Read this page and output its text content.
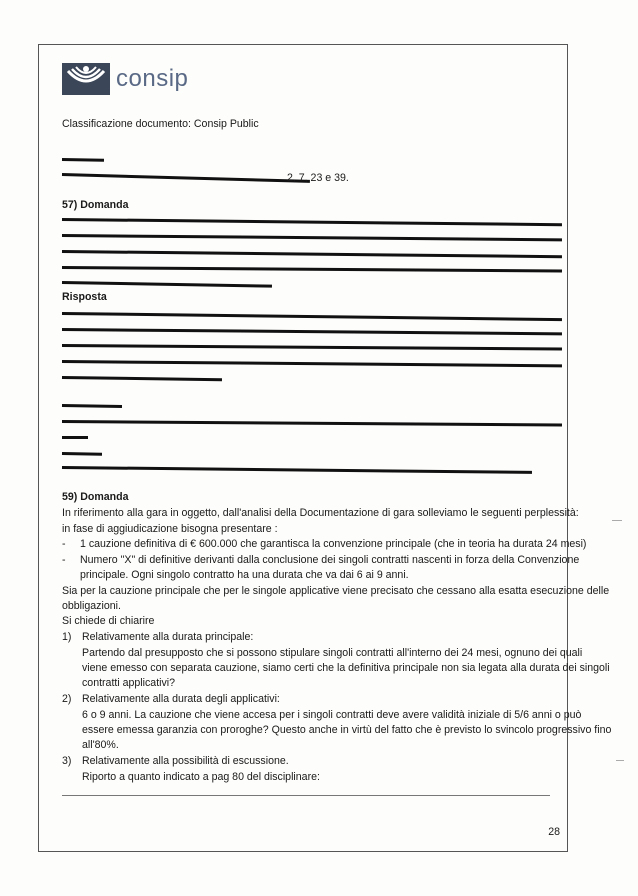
consip
Classificazione documento: Consip Public
2, 7, 23 e 39.
57) Domanda
Risposta
59) Domanda
In riferimento alla gara in oggetto, dall'analisi della Documentazione di gara solleviamo le seguenti perplessità:
in fase di aggiudicazione bisogna presentare :
- 1 cauzione definitiva di € 600.000 che garantisca la convenzione principale (che in teoria ha durata 24 mesi)
- Numero "X" di definitive derivanti dalla conclusione dei singoli contratti nascenti in forza della Convenzione
principale. Ogni singolo contratto ha una durata che va dai 6 ai 9 anni.
Sia per la cauzione principale che per le singole applicative viene precisato che cessano alla esatta esecuzione delle
obbligazioni.
Si chiede di chiarire
1) Relativamente alla durata principale:
Partendo dal presupposto che si possono stipulare singoli contratti all'interno dei 24 mesi, ognuno dei quali
viene emesso con separata cauzione, siamo certi che la definitiva principale non sia legata alla durata dei singoli
contratti applicativi?
2) Relativamente alla durata degli applicativi:
6 o 9 anni. La cauzione che viene accesa per i singoli contratti deve avere validità iniziale di 5/6 anni o può
essere emessa garanzia con proroghe? Questo anche in virtù del fatto che è previsto lo svincolo progressivo fino
all'80%.
3) Relativamente alla possibilità di escussione.
Riporto a quanto indicato a pag 80 del disciplinare:
28
